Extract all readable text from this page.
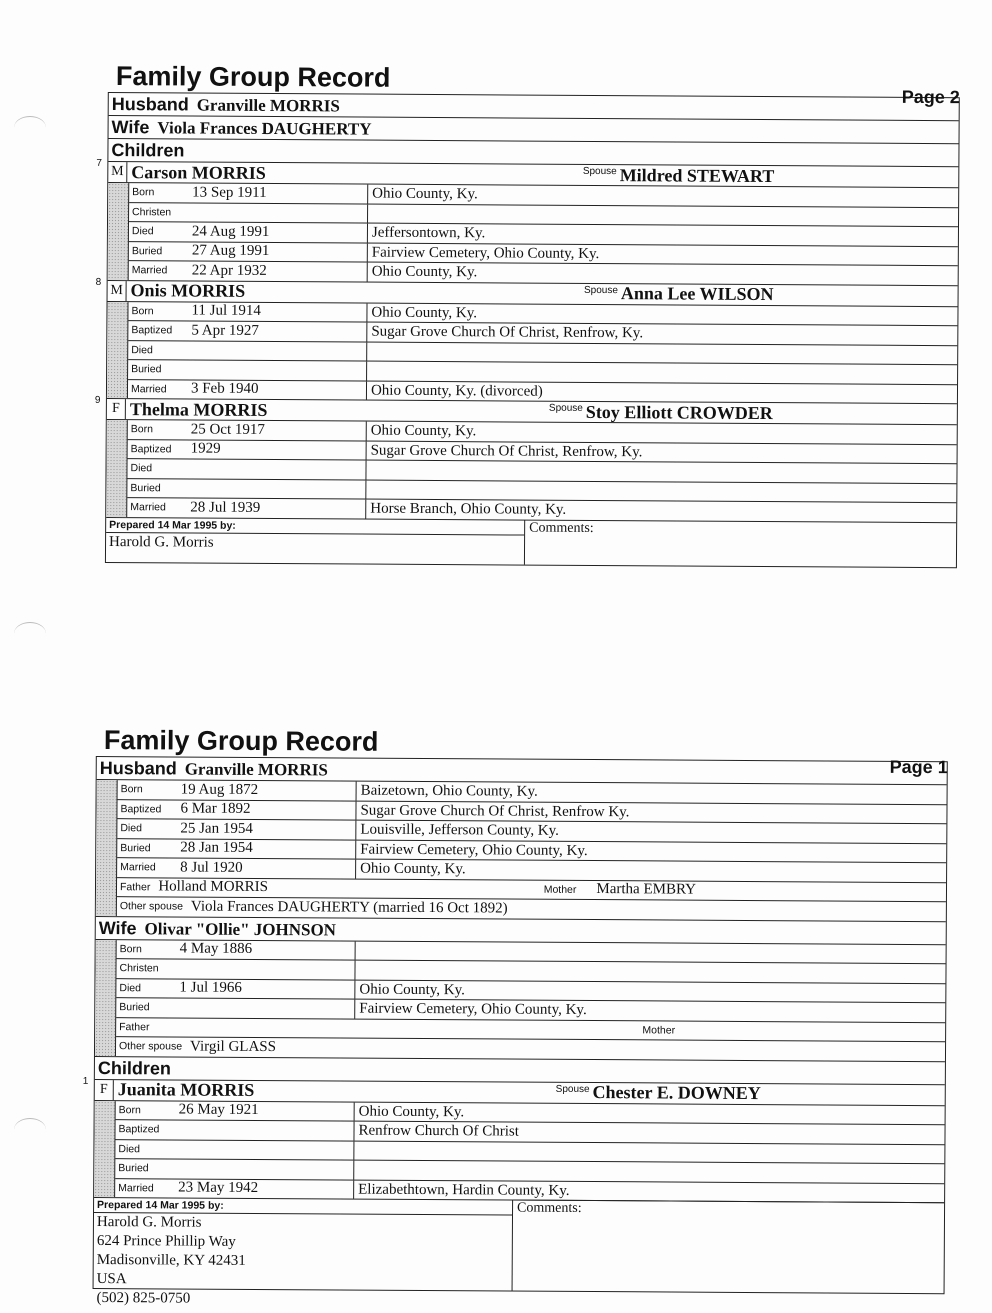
Family Group Record
Page 2
Husband Granville MORRIS
Wife Viola Frances DAUGHERTY
Children
7
M Carson MORRIS	$^{Spouse}$ Mildred STEWART
Born	13 Sep 1911	Ohio County, Ky.
Christen
Died	24 Aug 1991	Jeffersontown, Ky.
Buried	27 Aug 1991	Fairview Cemetery, Ohio County, Ky.
Married	22 Apr 1932	Ohio County, Ky.
8
M Onis MORRIS	$^{Spouse}$ Anna Lee WILSON
Born	11 Jul 1914	Ohio County, Ky.
Baptized	5 Apr 1927	Sugar Grove Church Of Christ, Renfrow, Ky.
Died
Buried
Married	3 Feb 1940	Ohio County, Ky. (divorced)
9
F Thelma MORRIS	$^{Spouse}$ Stoy Elliott CROWDER
Born	25 Oct 1917	Ohio County, Ky.
Baptized	1929	Sugar Grove Church Of Christ, Renfrow, Ky.
Died
Buried
Married	28 Jul 1939	Horse Branch, Ohio County, Ky.
Prepared 14 Mar 1995 by:
Harold G. Morris
Comments:
Family Group Record
Page 1
Husband Granville MORRIS
Born	19 Aug 1872	Baizetown, Ohio County, Ky.
Baptized	6 Mar 1892	Sugar Grove Church Of Christ, Renfrow Ky.
Died	25 Jan 1954	Louisville, Jefferson County, Ky.
Buried	28 Jan 1954	Fairview Cemetery, Ohio County, Ky.
Married	8 Jul 1920	Ohio County, Ky.
Father Holland MORRIS	Mother Martha EMBRY
Other spouse Viola Frances DAUGHERTY (married 16 Oct 1892)
Wife Olivar "Ollie" JOHNSON
Born	4 May 1886
Christen
Died	1 Jul 1966	Ohio County, Ky.
Buried	Fairview Cemetery, Ohio County, Ky.
Father	Mother
Other spouse Virgil GLASS
Children
1
F Juanita MORRIS	$^{Spouse}$ Chester E. DOWNEY
Born	26 May 1921	Ohio County, Ky.
Baptized	Renfrow Church Of Christ
Died
Buried
Married	23 May 1942	Elizabethtown, Hardin County, Ky.
Prepared 14 Mar 1995 by:
Harold G. Morris
624 Prince Phillip Way
Madisonville, KY 42431
USA
(502) 825-0750
Comments:
